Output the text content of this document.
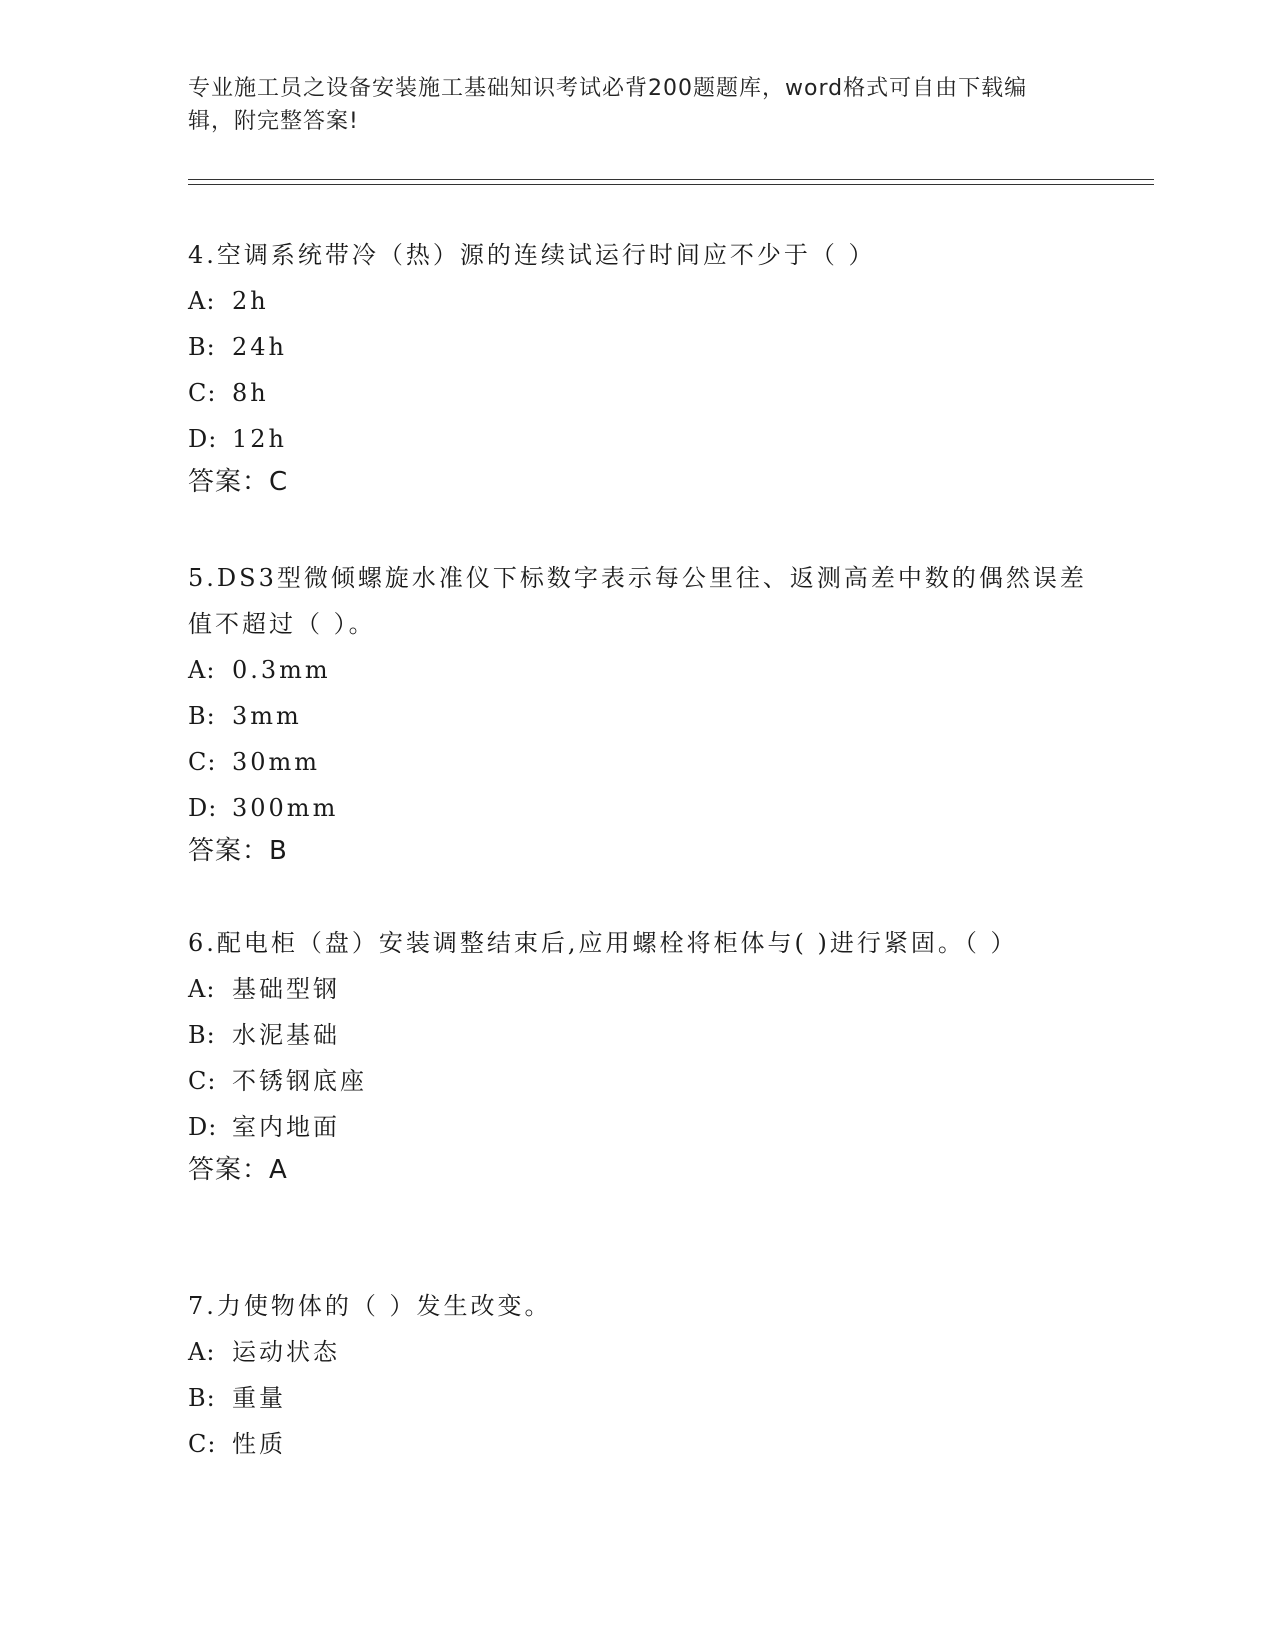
专业施工员之设备安装施工基础知识考试必背200题题库，word格式可自由下载编辑，附完整答案!

4.空调系统带冷（热）源的连续试运行时间应不少于（ ）

A: 2h

B: 24h

C: 8h

D: 12h

答案：C

5.DS3型微倾螺旋水准仪下标数字表示每公里往、返测高差中数的偶然误差值不超过（ ）。

A: 0.3mm

B: 3mm

C: 30mm

D: 300mm

答案：B

6.配电柜（盘）安装调整结束后,应用螺栓将柜体与( )进行紧固。（ ）

A: 基础型钢

B: 水泥基础

C: 不锈钢底座

D: 室内地面

答案：A

7.力使物体的（ ）发生改变。

A: 运动状态

B: 重量

C: 性质
